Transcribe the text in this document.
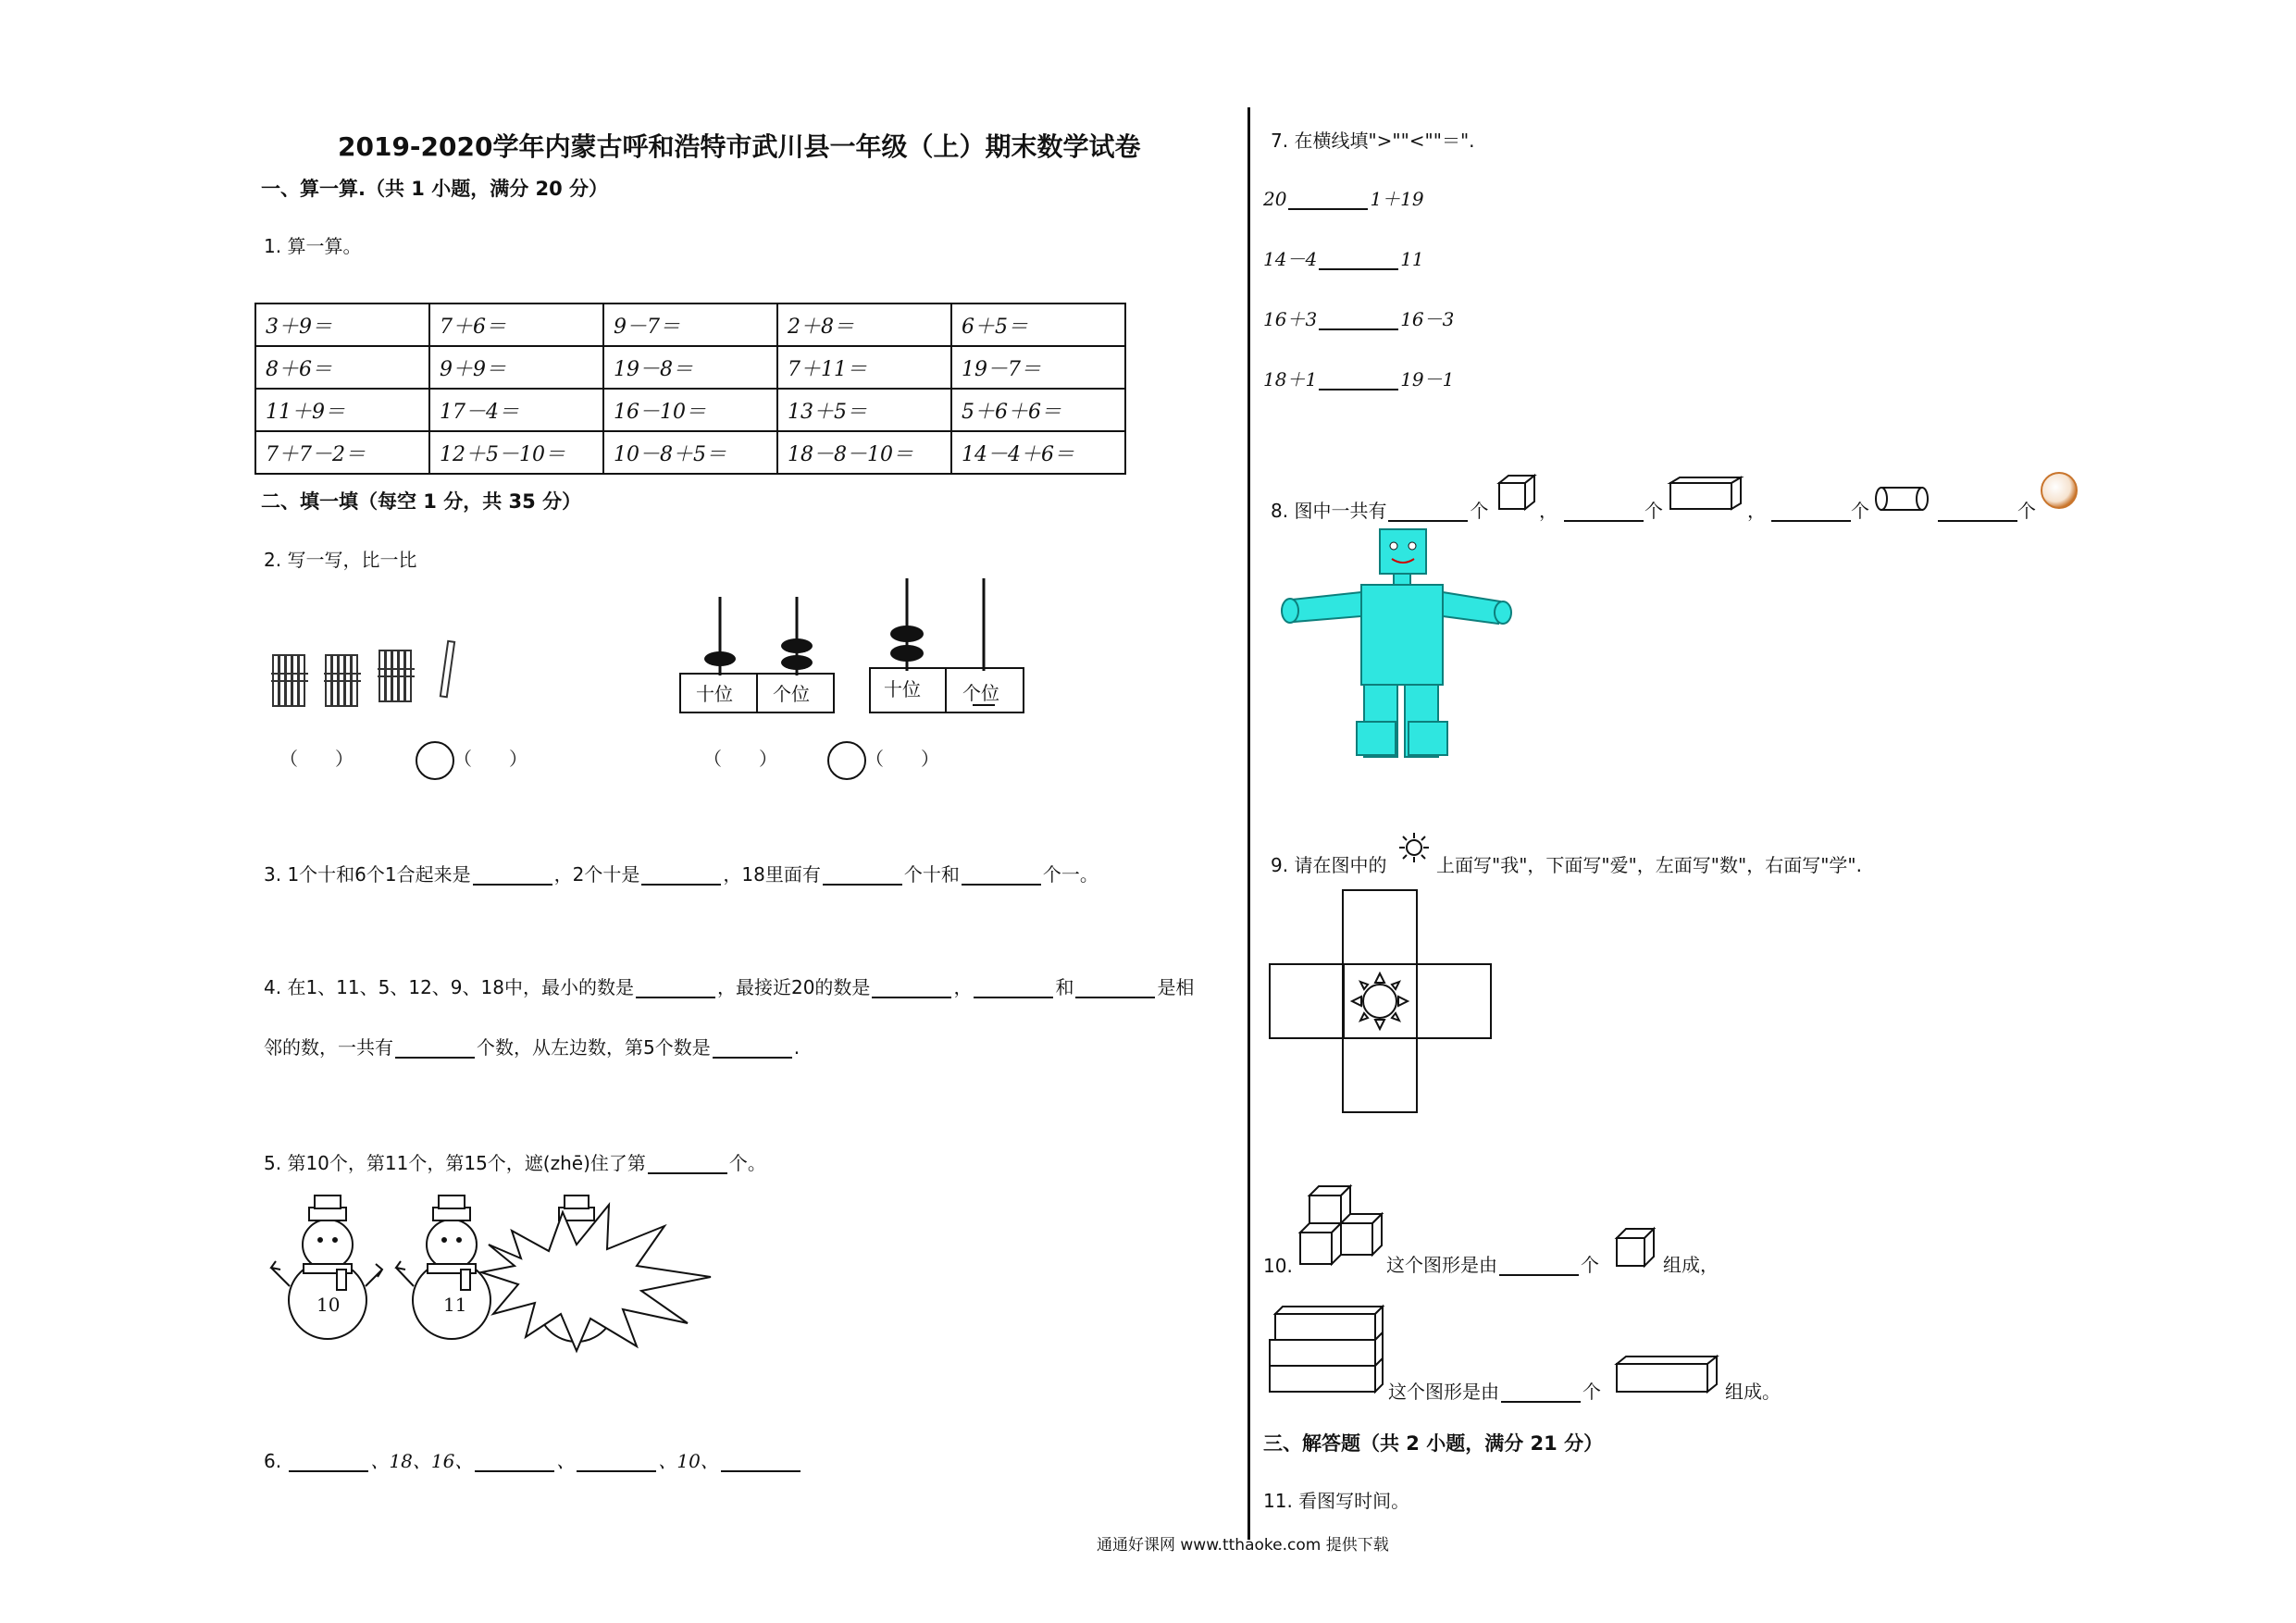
2019-2020学年内蒙古呼和浩特市武川县一年级（上）期末数学试卷
一、算一算.（共 1 小题，满分 20 分）
1. 算一算。
3＋9＝	7＋6＝	9－7＝	2＋8＝	6＋5＝
8＋6＝	9＋9＝	19－8＝	7＋11＝	19－7＝
11＋9＝	17－4＝	16－10＝	13＋5＝	5＋6＋6＝
7＋7－2＝	12＋5－10＝	10－8＋5＝	18－8－10＝	14－4＋6＝
二、填一填（每空 1 分，共 35 分）
2. 写一写，比一比
（　　）	（　　）
十位 个位	十位 个位
（　　）	（　　）
3. 1个十和6个1合起来是	，2个十是	，18里面有	个十和	个一。
4. 在1、11、5、12、9、18中，最小的数是	，最接近20的数是	，	和	是相
邻的数，一共有	个数，从左边数，第5个数是	.
5. 第10个，第11个，第15个，遮(zhē)住了第	个。
10	11
6.	、18、16、	、	、10、
7. 在横线填">""<""＝".
20	1＋19
14－4	11
16＋3	16－3
18＋1	19－1
8. 图中一共有	个	，	个	，	个	个
9. 请在图中的	上面写"我"，下面写"爱"，左面写"数"，右面写"学".
10.	这个图形是由	个	组成，
这个图形是由	个	组成。
三、解答题（共 2 小题，满分 21 分）
11. 看图写时间。
通通好课网 www.tthaoke.com 提供下载
